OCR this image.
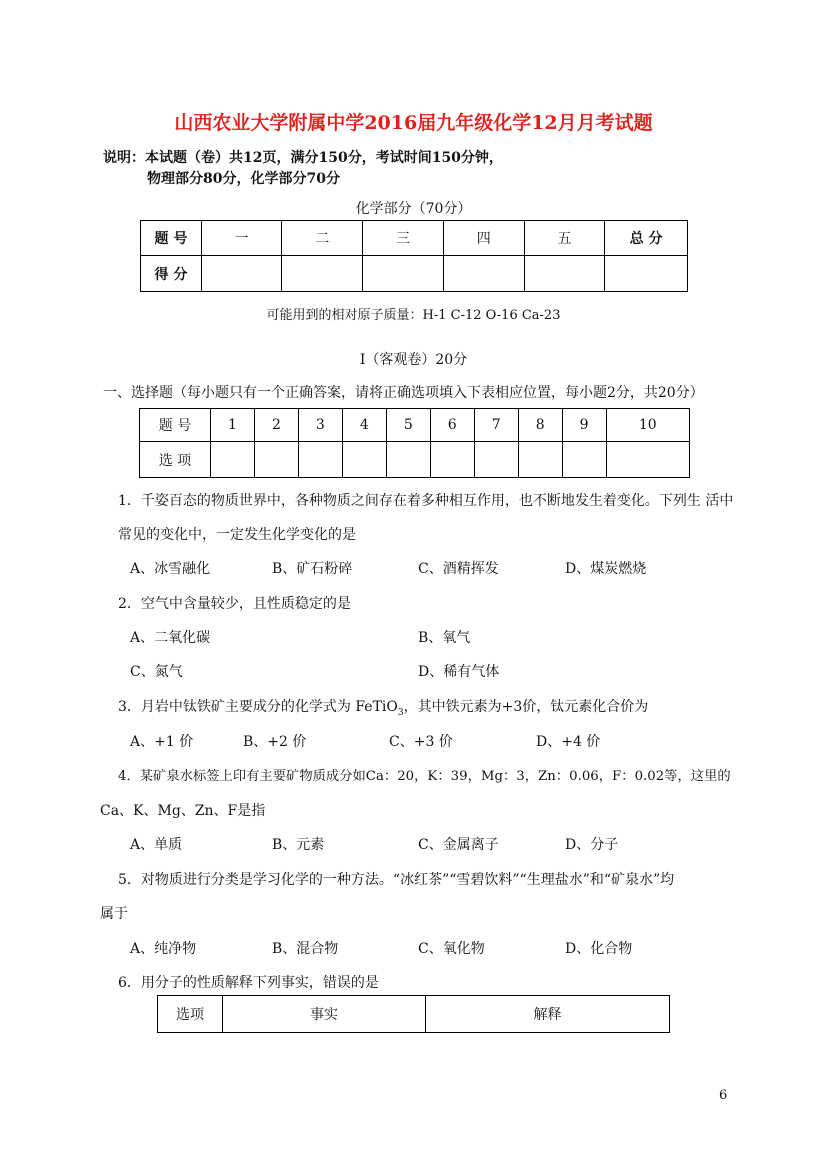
山西农业大学附属中学2016届九年级化学12月月考试题
说明：本试题（卷）共12页，满分150分，考试时间150分钟，
物理部分80分，化学部分70分
化学部分（70分）
题 号	一	二	三	四	五	总 分
得 分						
可能用到的相对原子质量：H-1 C-12 O-16 Ca-23
Ⅰ（客观卷）20分
一、选择题（每小题只有一个正确答案，请将正确选项填入下表相应位置，每小题2分，共20分）
题 号	1	2	3	4	5	6	7	8	9	10
选 项										
1．千姿百态的物质世界中，各种物质之间存在着多种相互作用，也不断地发生着变化。下列生 活中
常见的变化中，一定发生化学变化的是
A、冰雪融化	B、矿石粉碎	C、酒精挥发	D、煤炭燃烧
2．空气中含量较少，且性质稳定的是
A、二氧化碳	B、氧气
C、氮气	D、稀有气体
3．月岩中钛铁矿主要成分的化学式为 FeTiO$_3$，其中铁元素为+3价，钛元素化合价为
A、+1 价	B、+2 价	C、+3 价	D、+4 价
4．某矿泉水标签上印有主要矿物质成分如Ca：20，K：39，Mg：3，Zn：0.06，F：0.02等，这里的
Ca、K、Mg、Zn、F是指
A、单质	B、元素	C、金属离子	D、分子
5．对物质进行分类是学习化学的一种方法。“冰红茶”“雪碧饮料”“生理盐水”和“矿泉水”均
属于
A、纯净物	B、混合物	C、氧化物	D、化合物
6．用分子的性质解释下列事实，错误的是
选项	事实	解释
6
